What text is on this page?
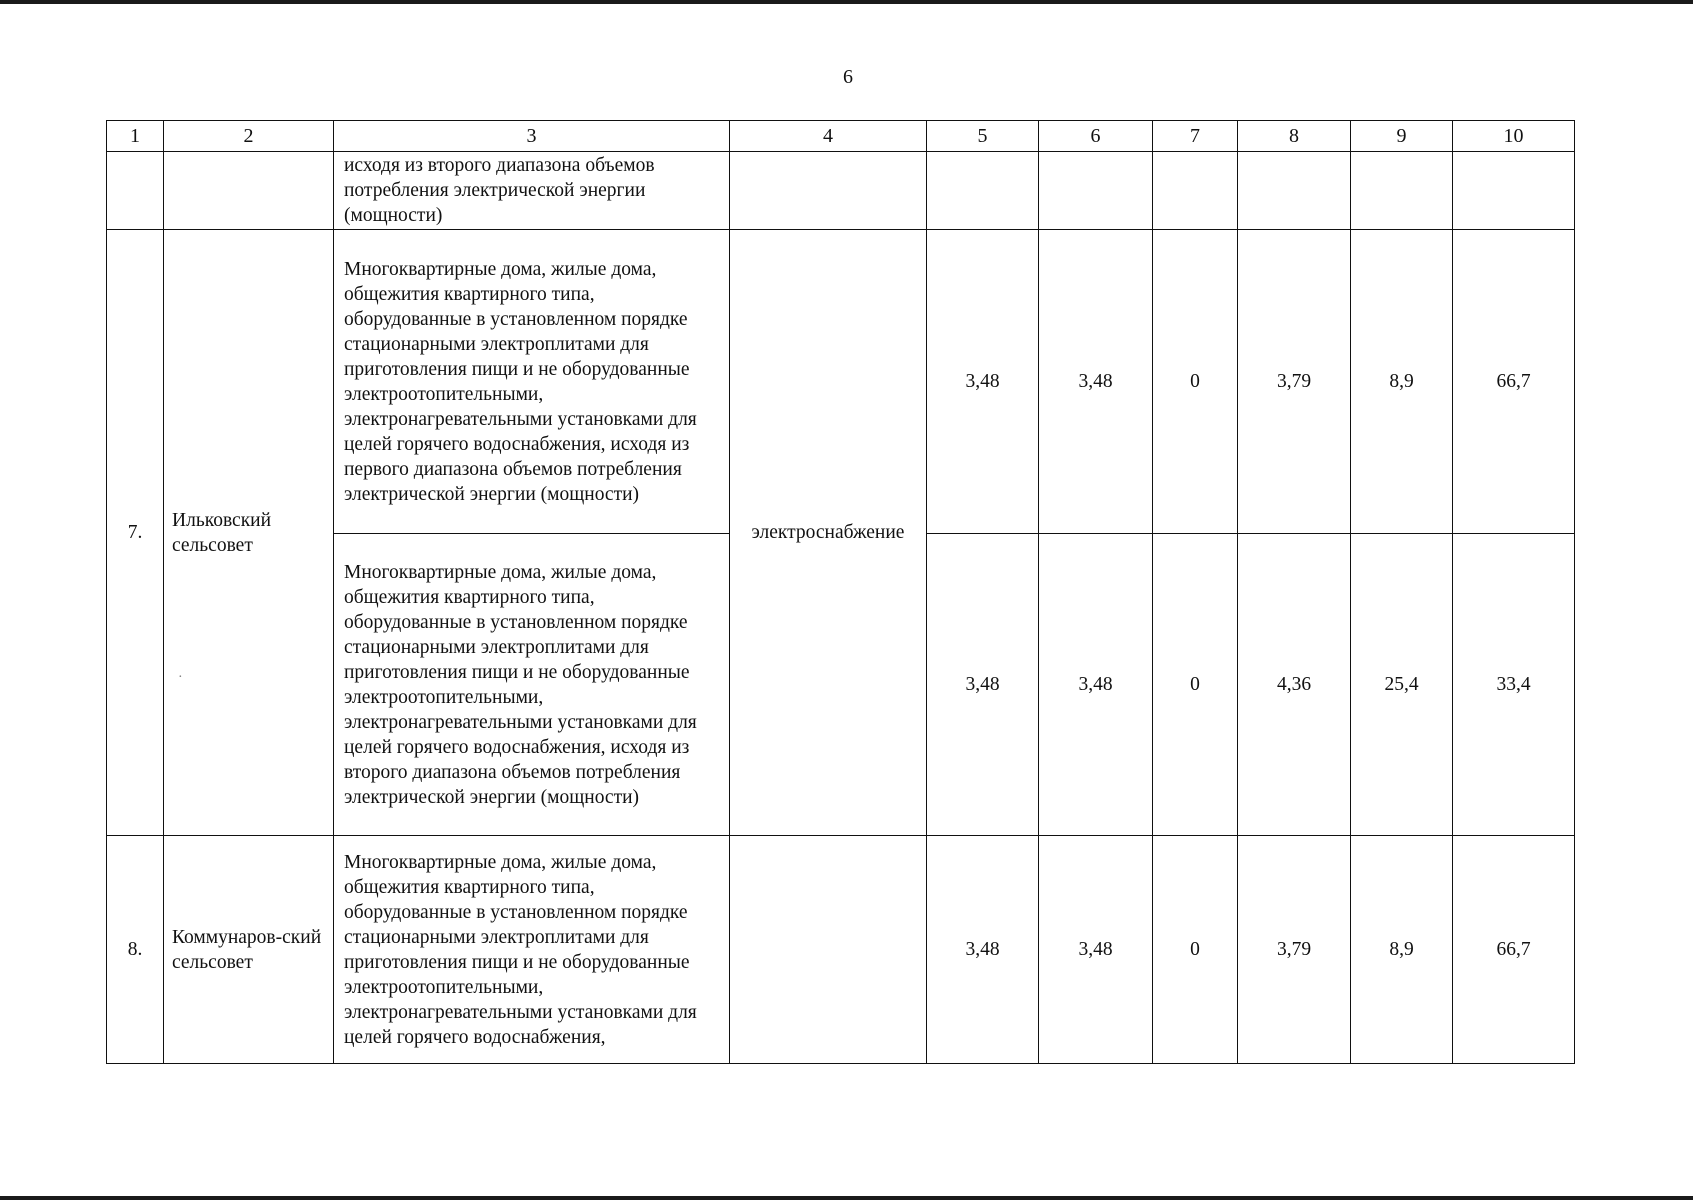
6
1	2	3	4	5	6	7	8	9	10
		исходя из второго диапазона объемов потребления электрической энергии (мощности)							
7.	Ильковский сельсовет	Многоквартирные дома, жилые дома, общежития квартирного типа, оборудованные в установленном порядке стационарными электроплитами для приготовления пищи и не оборудованные электроотопительными, электронагревательными установками для целей горячего водоснабжения, исходя из первого диапазона объемов потребления электрической энергии (мощности)	электроснабжение	3,48	3,48	0	3,79	8,9	66,7
		Многоквартирные дома, жилые дома, общежития квартирного типа, оборудованные в установленном порядке стационарными электроплитами для приготовления пищи и не оборудованные электроотопительными, электронагревательными установками для целей горячего водоснабжения, исходя из второго диапазона объемов потребления электрической энергии (мощности)		3,48	3,48	0	4,36	25,4	33,4
8.	Коммунаров-ский сельсовет	Многоквартирные дома, жилые дома, общежития квартирного типа, оборудованные в установленном порядке стационарными электроплитами для приготовления пищи и не оборудованные электроотопительными, электронагревательными установками для целей горячего водоснабжения,		3,48	3,48	0	3,79	8,9	66,7
·
